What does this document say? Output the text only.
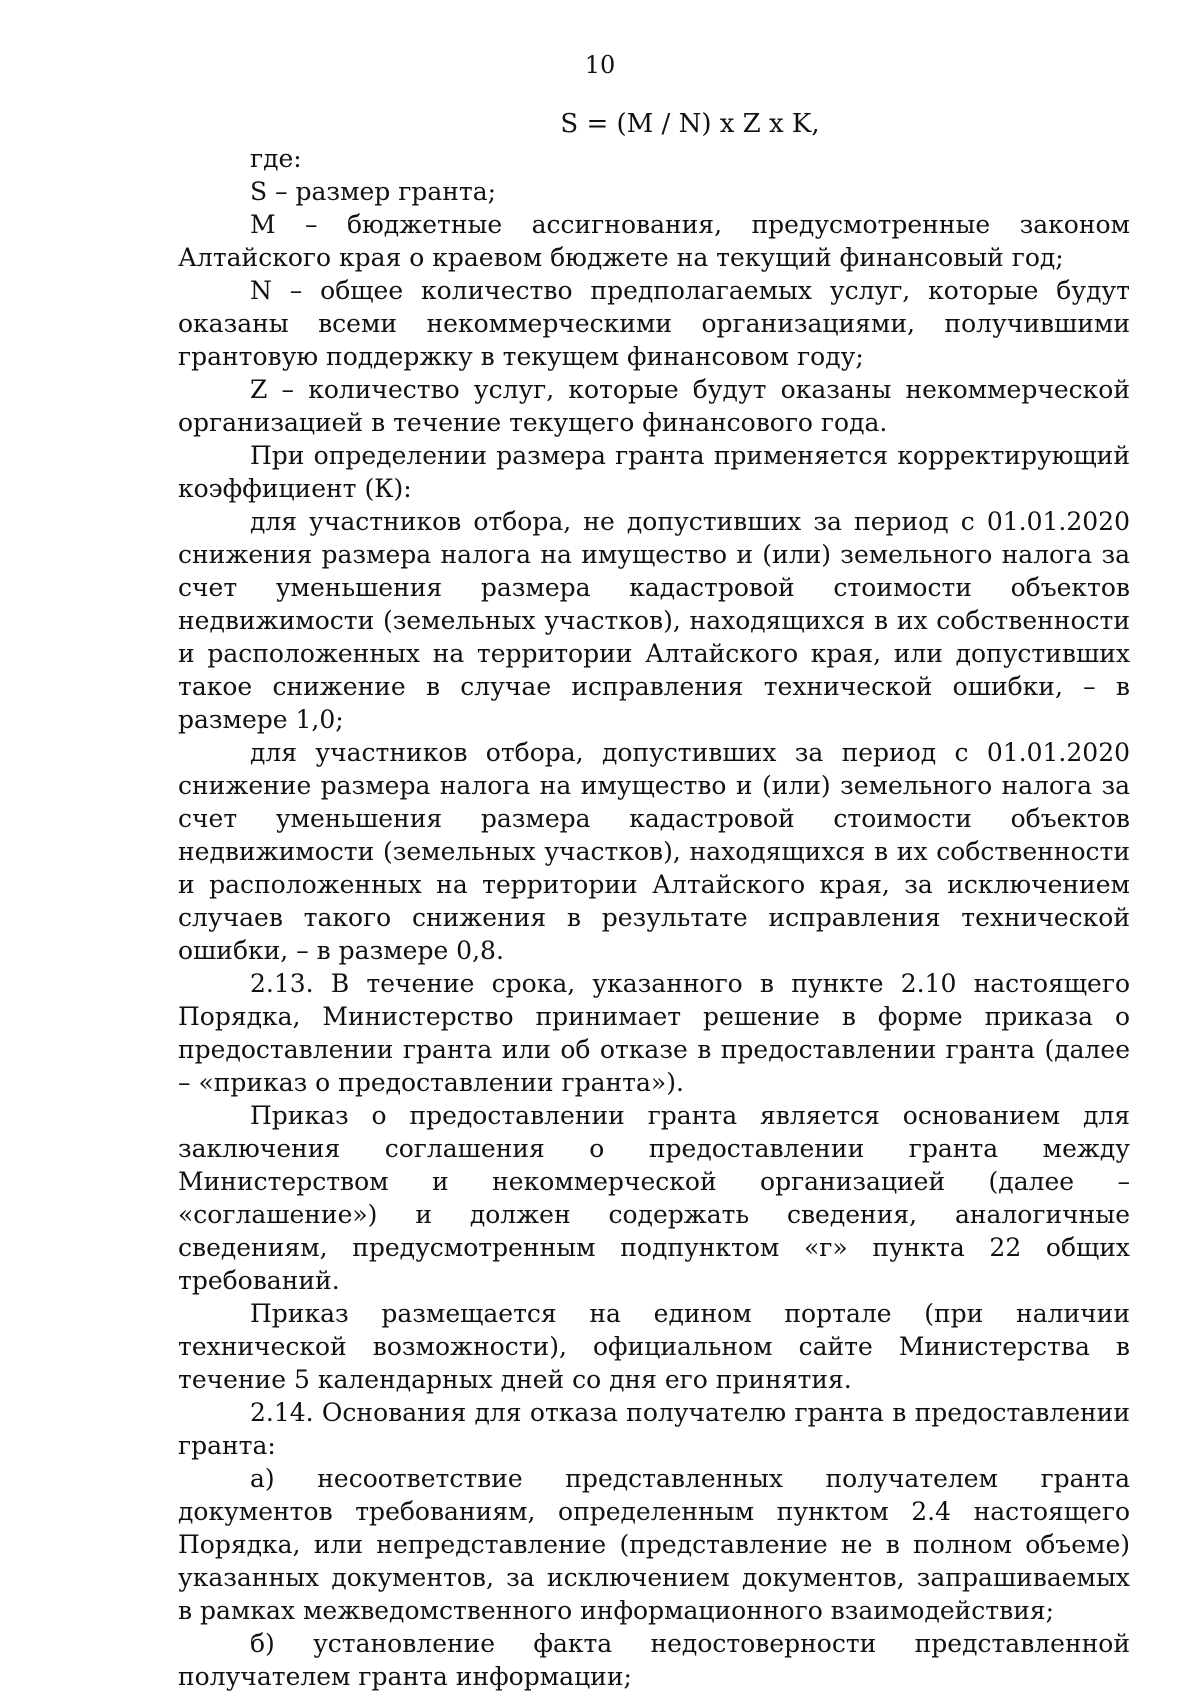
10
S = (M / N) x Z x K,

где:

S – размер гранта;

M – бюджетные ассигнования, предусмотренные законом Алтайского края о краевом бюджете на текущий финансовый год;

N – общее количество предполагаемых услуг, которые будут оказаны всеми некоммерческими организациями, получившими грантовую поддержку в текущем финансовом году;

Z – количество услуг, которые будут оказаны некоммерческой организацией в течение текущего финансового года.

При определении размера гранта применяется корректирующий коэффициент (К):

для участников отбора, не допустивших за период с 01.01.2020 снижения размера налога на имущество и (или) земельного налога за счет уменьшения размера кадастровой стоимости объектов недвижимости (земельных участков), находящихся в их собственности и расположенных на территории Алтайского края, или допустивших такое снижение в случае исправления технической ошибки, – в размере 1,0;

для участников отбора, допустивших за период с 01.01.2020 снижение размера налога на имущество и (или) земельного налога за счет уменьшения размера кадастровой стоимости объектов недвижимости (земельных участков), находящихся в их собственности и расположенных на территории Алтайского края, за исключением случаев такого снижения в результате исправления технической ошибки, – в размере 0,8.

2.13. В течение срока, указанного в пункте 2.10 настоящего Порядка, Министерство принимает решение в форме приказа о предоставлении гранта или об отказе в предоставлении гранта (далее – «приказ о предоставлении гранта»).

Приказ о предоставлении гранта является основанием для заключения соглашения о предоставлении гранта между Министерством и некоммерческой организацией (далее – «соглашение») и должен содержать сведения, аналогичные сведениям, предусмотренным подпунктом «г» пункта 22 общих требований.

Приказ размещается на едином портале (при наличии технической возможности), официальном сайте Министерства в течение 5 календарных дней со дня его принятия.

2.14. Основания для отказа получателю гранта в предоставлении гранта:

а) несоответствие представленных получателем гранта документов требованиям, определенным пунктом 2.4 настоящего Порядка, или непредставление (представление не в полном объеме) указанных документов, за исключением документов, запрашиваемых в рамках межведомственного информационного взаимодействия;

б) установление факта недостоверности представленной получателем гранта информации;
